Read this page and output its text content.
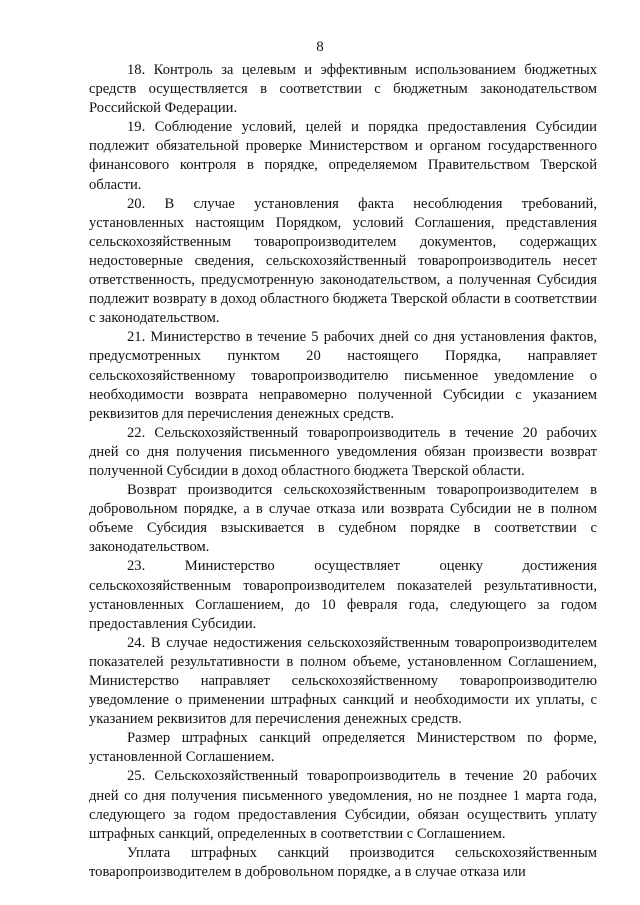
8

18. Контроль за целевым и эффективным использованием бюджетных средств осуществляется в соответствии с бюджетным законодательством Российской Федерации.

19. Соблюдение условий, целей и порядка предоставления Субсидии подлежит обязательной проверке Министерством и органом государственного финансового контроля в порядке, определяемом Правительством Тверской области.

20. В случае установления факта несоблюдения требований, установленных настоящим Порядком, условий Соглашения, представления сельскохозяйственным товаропроизводителем документов, содержащих недостоверные сведения, сельскохозяйственный товаропроизводитель несет ответственность, предусмотренную законодательством, а полученная Субсидия подлежит возврату в доход областного бюджета Тверской области в соответствии с законодательством.

21. Министерство в течение 5 рабочих дней со дня установления фактов, предусмотренных пунктом 20 настоящего Порядка, направляет сельскохозяйственному товаропроизводителю письменное уведомление о необходимости возврата неправомерно полученной Субсидии с указанием реквизитов для перечисления денежных средств.

22. Сельскохозяйственный товаропроизводитель в течение 20 рабочих дней со дня получения письменного уведомления обязан произвести возврат полученной Субсидии в доход областного бюджета Тверской области.

Возврат производится сельскохозяйственным товаропроизводителем в добровольном порядке, а в случае отказа или возврата Субсидии не в полном объеме Субсидия взыскивается в судебном порядке в соответствии с законодательством.

23. Министерство осуществляет оценку достижения сельскохозяйственным товаропроизводителем показателей результативности, установленных Соглашением, до 10 февраля года, следующего за годом предоставления Субсидии.

24. В случае недостижения сельскохозяйственным товаропроизводителем показателей результативности в полном объеме, установленном Соглашением, Министерство направляет сельскохозяйственному товаропроизводителю уведомление о применении штрафных санкций и необходимости их уплаты, с указанием реквизитов для перечисления денежных средств.

Размер штрафных санкций определяется Министерством по форме, установленной Соглашением.

25. Сельскохозяйственный товаропроизводитель в течение 20 рабочих дней со дня получения письменного уведомления, но не позднее 1 марта года, следующего за годом предоставления Субсидии, обязан осуществить уплату штрафных санкций, определенных в соответствии с Соглашением.

Уплата штрафных санкций производится сельскохозяйственным товаропроизводителем в добровольном порядке, а в случае отказа или
